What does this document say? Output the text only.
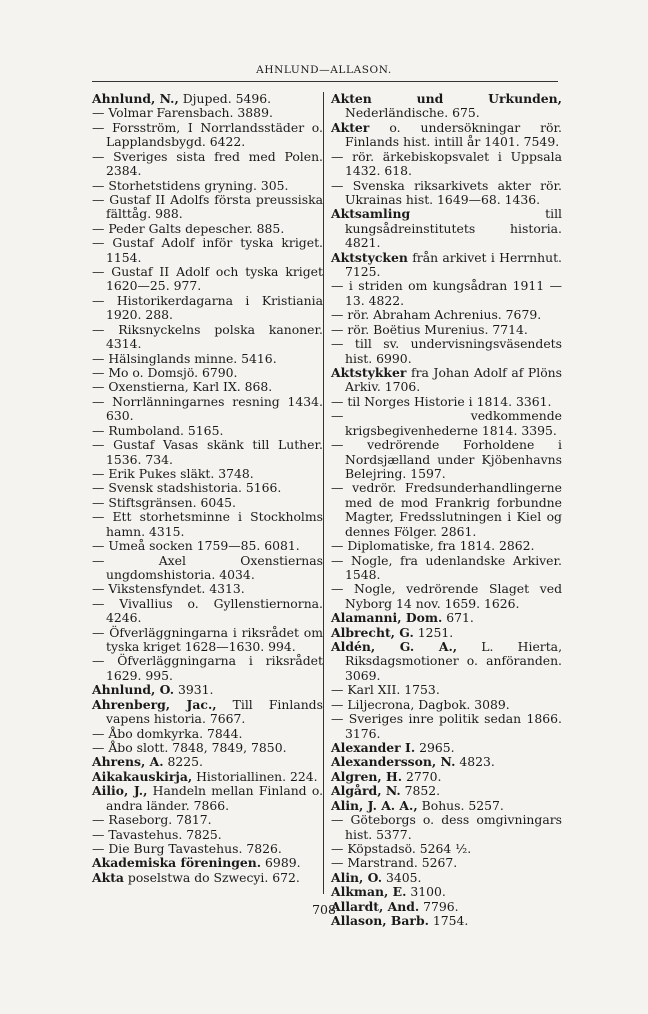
AHNLUND—ALLASON.

Ahnlund, N., Djuped. 5496.

— Volmar Farensbach. 3889.

— Forsström, I Norrlandsstäder o. Lapplandsbygd. 6422.

— Sveriges sista fred med Polen. 2384.

— Storhetstidens gryning. 305.

— Gustaf II Adolfs första preussiska fälttåg. 988.

— Peder Galts depescher. 885.

— Gustaf Adolf inför tyska kriget. 1154.

— Gustaf II Adolf och tyska kriget 1620—25. 977.

— Historikerdagarna i Kristiania 1920. 288.

— Riksnyckelns polska kanoner. 4314.

— Hälsinglands minne. 5416.

— Mo o. Domsjö. 6790.

— Oxenstierna, Karl IX. 868.

— Norrlänningarnes resning 1434. 630.

— Rumboland. 5165.

— Gustaf Vasas skänk till Luther. 1536. 734.

— Erik Pukes släkt. 3748.

— Svensk stadshistoria. 5166.

— Stiftsgränsen. 6045.

— Ett storhetsminne i Stockholms hamn. 4315.

— Umeå socken 1759—85. 6081.

— Axel Oxenstiernas ungdomshistoria. 4034.

— Vikstensfyndet. 4313.

— Vivallius o. Gyllenstiernorna. 4246.

— Öfverläggningarna i riksrådet om tyska kriget 1628—1630. 994.

— Öfverläggningarna i riksrådet 1629. 995.

Ahnlund, O. 3931.

Ahrenberg, Jac., Till Finlands vapens historia. 7667.

— Åbo domkyrka. 7844.

— Åbo slott. 7848, 7849, 7850.

Ahrens, A. 8225.

Aikakauskirja, Historiallinen. 224.

Ailio, J., Handeln mellan Finland o. andra länder. 7866.

— Raseborg. 7817.

— Tavastehus. 7825.

— Die Burg Tavastehus. 7826.

Akademiska föreningen. 6989.

Akta poselstwa do Szwecyi. 672.

Akten und Urkunden, Nederländische. 675.

Akter o. undersökningar rör. Finlands hist. intill år 1401. 7549.

— rör. ärkebiskopsvalet i Uppsala 1432. 618.

— Svenska riksarkivets akter rör. Ukrainas hist. 1649—68. 1436.

Aktsamling till kungsådreinstitutets historia. 4821.

Aktstycken från arkivet i Herrnhut. 7125.

— i striden om kungsådran 1911 —13. 4822.

— rör. Abraham Achrenius. 7679.

— rör. Boëtius Murenius. 7714.

— till sv. undervisningsväsendets hist. 6990.

Aktstykker fra Johan Adolf af Plöns Arkiv. 1706.

— til Norges Historie i 1814. 3361.

— vedkommende krigsbegivenhederne 1814. 3395.

— vedrörende Forholdene i Nordsjælland under Kjöbenhavns Belejring. 1597.

— vedrör. Fredsunderhandlingerne med de mod Frankrig forbundne Magter, Fredsslutningen i Kiel og dennes Fölger. 2861.

— Diplomatiske, fra 1814. 2862.

— Nogle, fra udenlandske Arkiver. 1548.

— Nogle, vedrörende Slaget ved Nyborg 14 nov. 1659. 1626.

Alamanni, Dom. 671.

Albrecht, G. 1251.

Aldén, G. A., L. Hierta, Riksdagsmotioner o. anföranden. 3069.

— Karl XII. 1753.

— Liljecrona, Dagbok. 3089.

— Sveriges inre politik sedan 1866. 3176.

Alexander I. 2965.

Alexandersson, N. 4823.

Algren, H. 2770.

Algård, N. 7852.

Alin, J. A. A., Bohus. 5257.

— Göteborgs o. dess omgivningars hist. 5377.

— Köpstadsö. 5264 ½.

— Marstrand. 5267.

Alin, O. 3405.

Alkman, E. 3100.

Allardt, And. 7796.

Allason, Barb. 1754.

708
